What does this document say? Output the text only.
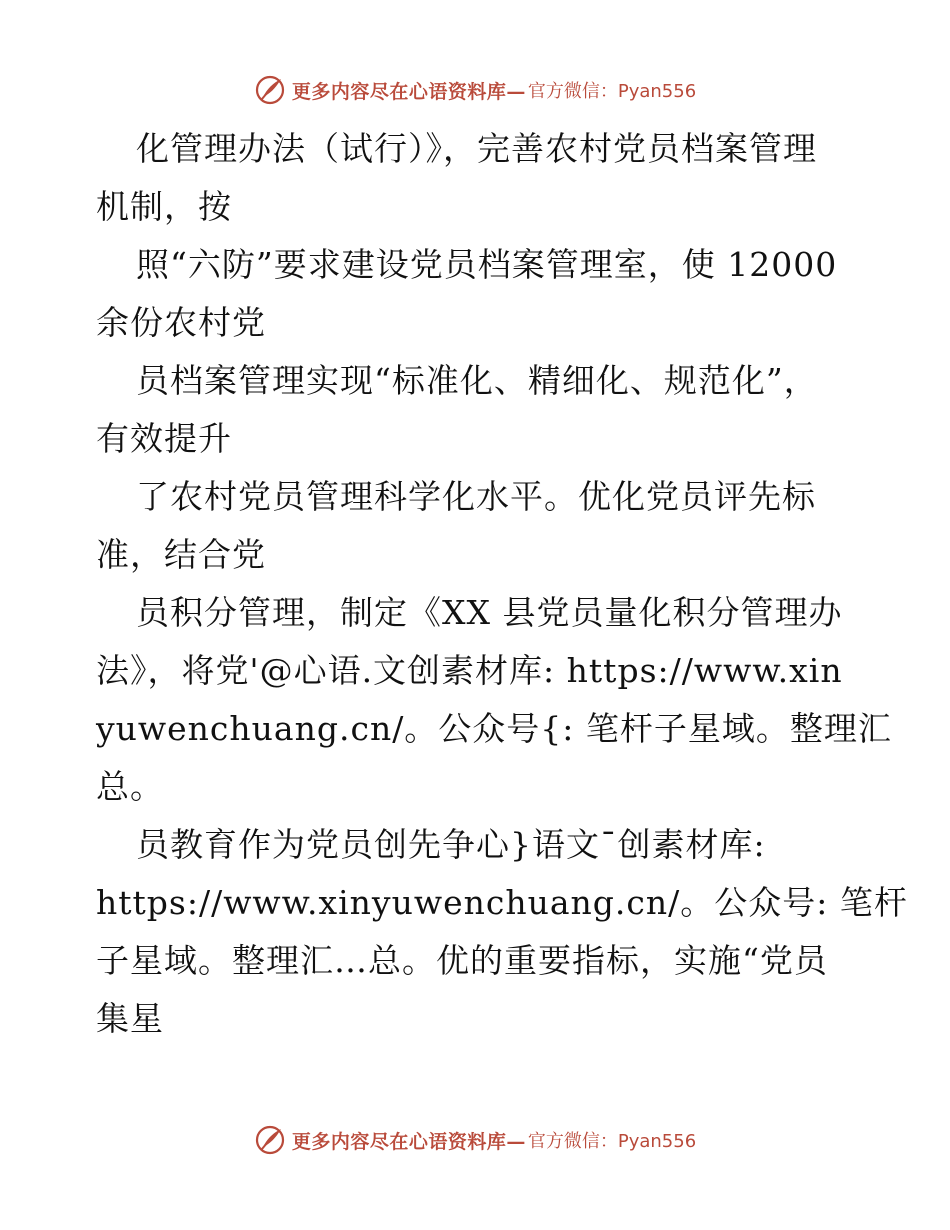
更多内容尽在心语资料库— 官方微信：Pyan556
化管理办法（试行）》，完善农村党员档案管理
机制，按
照“六防”要求建设党员档案管理室，使 12000
余份农村党
员档案管理实现“标准化、精细化、规范化”，
有效提升
了农村党员管理科学化水平。优化党员评先标
准，结合党
员积分管理，制定《XX 县党员量化积分管理办
法》，将党'@心语.文创素材库: https://www.xin
yuwenchuang.cn/。公众号{: 笔杆子星域。整理汇
总。
员教育作为党员创先争心}语文¯创素材库:
https://www.xinyuwenchuang.cn/。公众号: 笔杆
子星域。整理汇…总。优的重要指标，实施“党员
集星
更多内容尽在心语资料库— 官方微信：Pyan556
